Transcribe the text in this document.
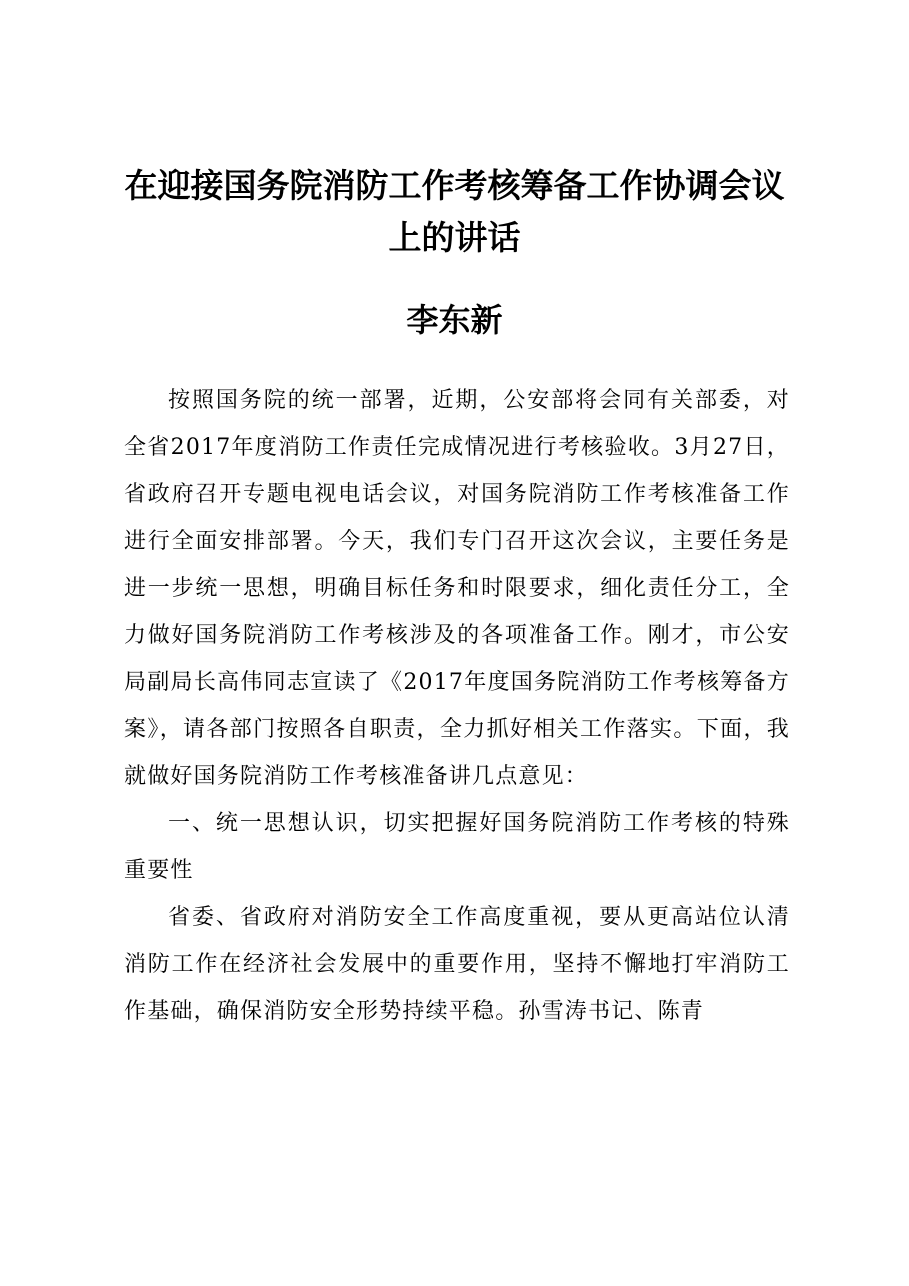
在迎接国务院消防工作考核筹备工作协调会议
上的讲话
李东新

按照国务院的统一部署，近期，公安部将会同有关部委，对全省2017年度消防工作责任完成情况进行考核验收。3月27日，省政府召开专题电视电话会议，对国务院消防工作考核准备工作进行全面安排部署。今天，我们专门召开这次会议，主要任务是进一步统一思想，明确目标任务和时限要求，细化责任分工，全力做好国务院消防工作考核涉及的各项准备工作。刚才，市公安局副局长高伟同志宣读了《2017年度国务院消防工作考核筹备方案》，请各部门按照各自职责，全力抓好相关工作落实。下面，我就做好国务院消防工作考核准备讲几点意见：

一、统一思想认识，切实把握好国务院消防工作考核的特殊重要性

省委、省政府对消防安全工作高度重视，要从更高站位认清消防工作在经济社会发展中的重要作用，坚持不懈地打牢消防工作基础，确保消防安全形势持续平稳。孙雪涛书记、陈青
